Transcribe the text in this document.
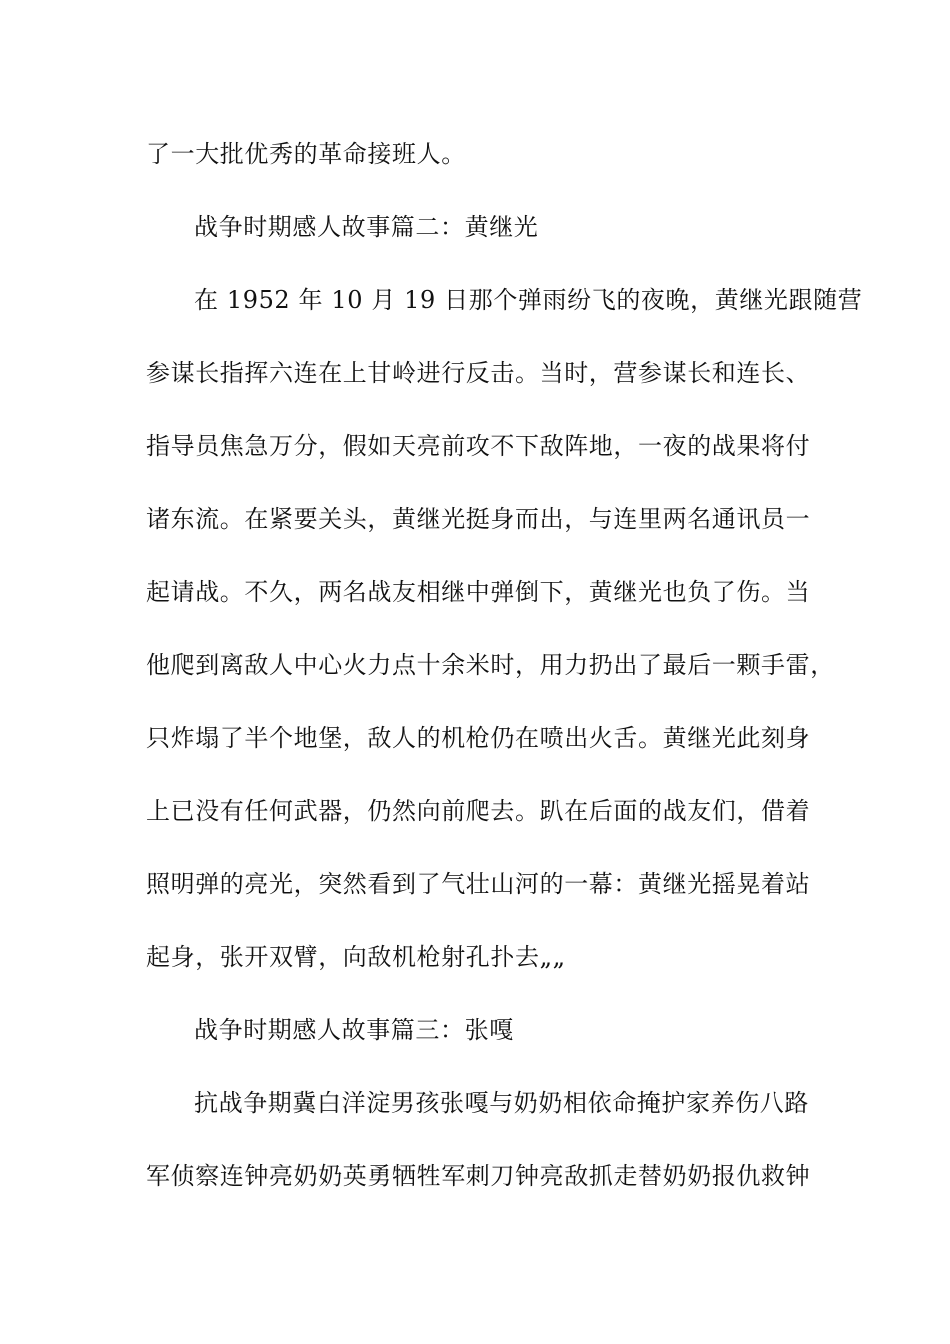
了一大批优秀的革命接班人。
战争时期感人故事篇二：黄继光
在 1952 年 10 月 19 日那个弹雨纷飞的夜晚，黄继光跟随营
参谋长指挥六连在上甘岭进行反击。当时，营参谋长和连长、
指导员焦急万分，假如天亮前攻不下敌阵地，一夜的战果将付
诸东流。在紧要关头，黄继光挺身而出，与连里两名通讯员一
起请战。不久，两名战友相继中弹倒下，黄继光也负了伤。当
他爬到离敌人中心火力点十余米时，用力扔出了最后一颗手雷，
只炸塌了半个地堡，敌人的机枪仍在喷出火舌。黄继光此刻身
上已没有任何武器，仍然向前爬去。趴在后面的战友们，借着
照明弹的亮光，突然看到了气壮山河的一幕：黄继光摇晃着站
起身，张开双臂，向敌机枪射孔扑去„„
战争时期感人故事篇三：张嘎
抗战争期冀白洋淀男孩张嘎与奶奶相依命掩护家养伤八路
军侦察连钟亮奶奶英勇牺牲军刺刀钟亮敌抓走替奶奶报仇救钟
